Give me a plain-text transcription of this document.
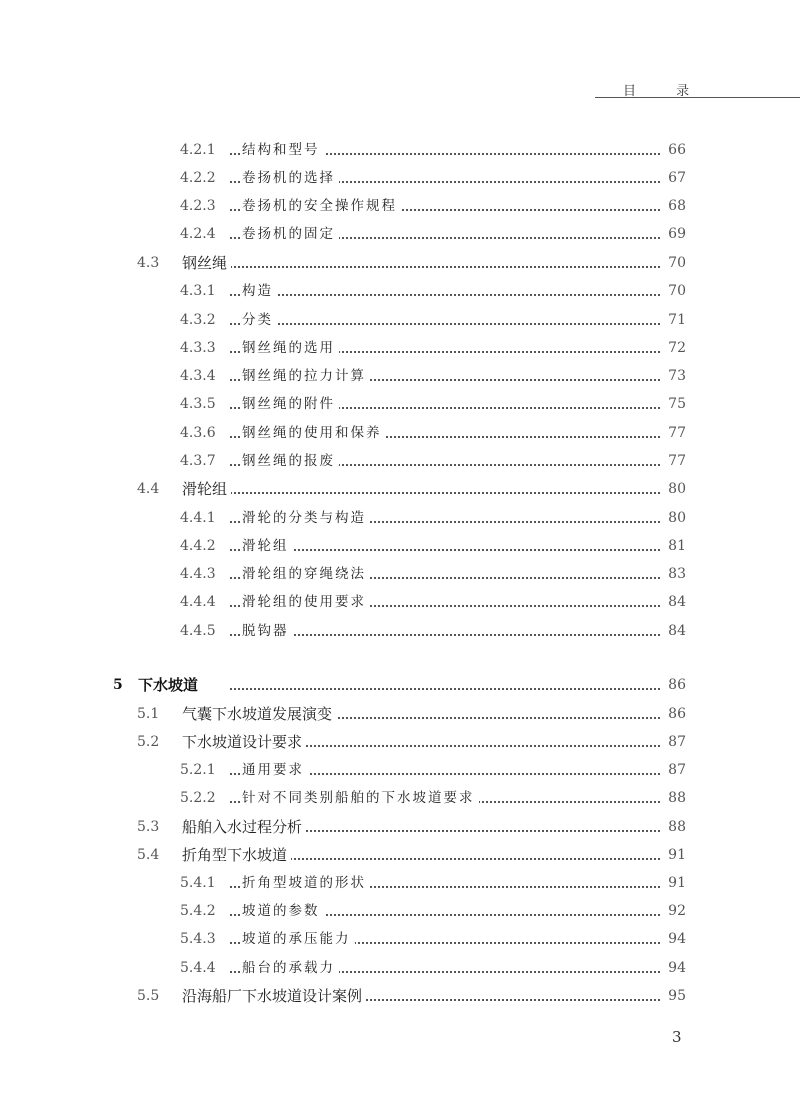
目 录
4.2.1 结构和型号	66
4.2.2 卷扬机的选择	67
4.2.3 卷扬机的安全操作规程	68
4.2.4 卷扬机的固定	69
4.3 钢丝绳	70
4.3.1 构造	70
4.3.2 分类	71
4.3.3 钢丝绳的选用	72
4.3.4 钢丝绳的拉力计算	73
4.3.5 钢丝绳的附件	75
4.3.6 钢丝绳的使用和保养	77
4.3.7 钢丝绳的报废	77
4.4 滑轮组	80
4.4.1 滑轮的分类与构造	80
4.4.2 滑轮组	81
4.4.3 滑轮组的穿绳绕法	83
4.4.4 滑轮组的使用要求	84
4.4.5 脱钩器	84
5 下水坡道	86
5.1 气囊下水坡道发展演变	86
5.2 下水坡道设计要求	87
5.2.1 通用要求	87
5.2.2 针对不同类别船舶的下水坡道要求	88
5.3 船舶入水过程分析	88
5.4 折角型下水坡道	91
5.4.1 折角型坡道的形状	91
5.4.2 坡道的参数	92
5.4.3 坡道的承压能力	94
5.4.4 船台的承载力	94
5.5 沿海船厂下水坡道设计案例	95
3
